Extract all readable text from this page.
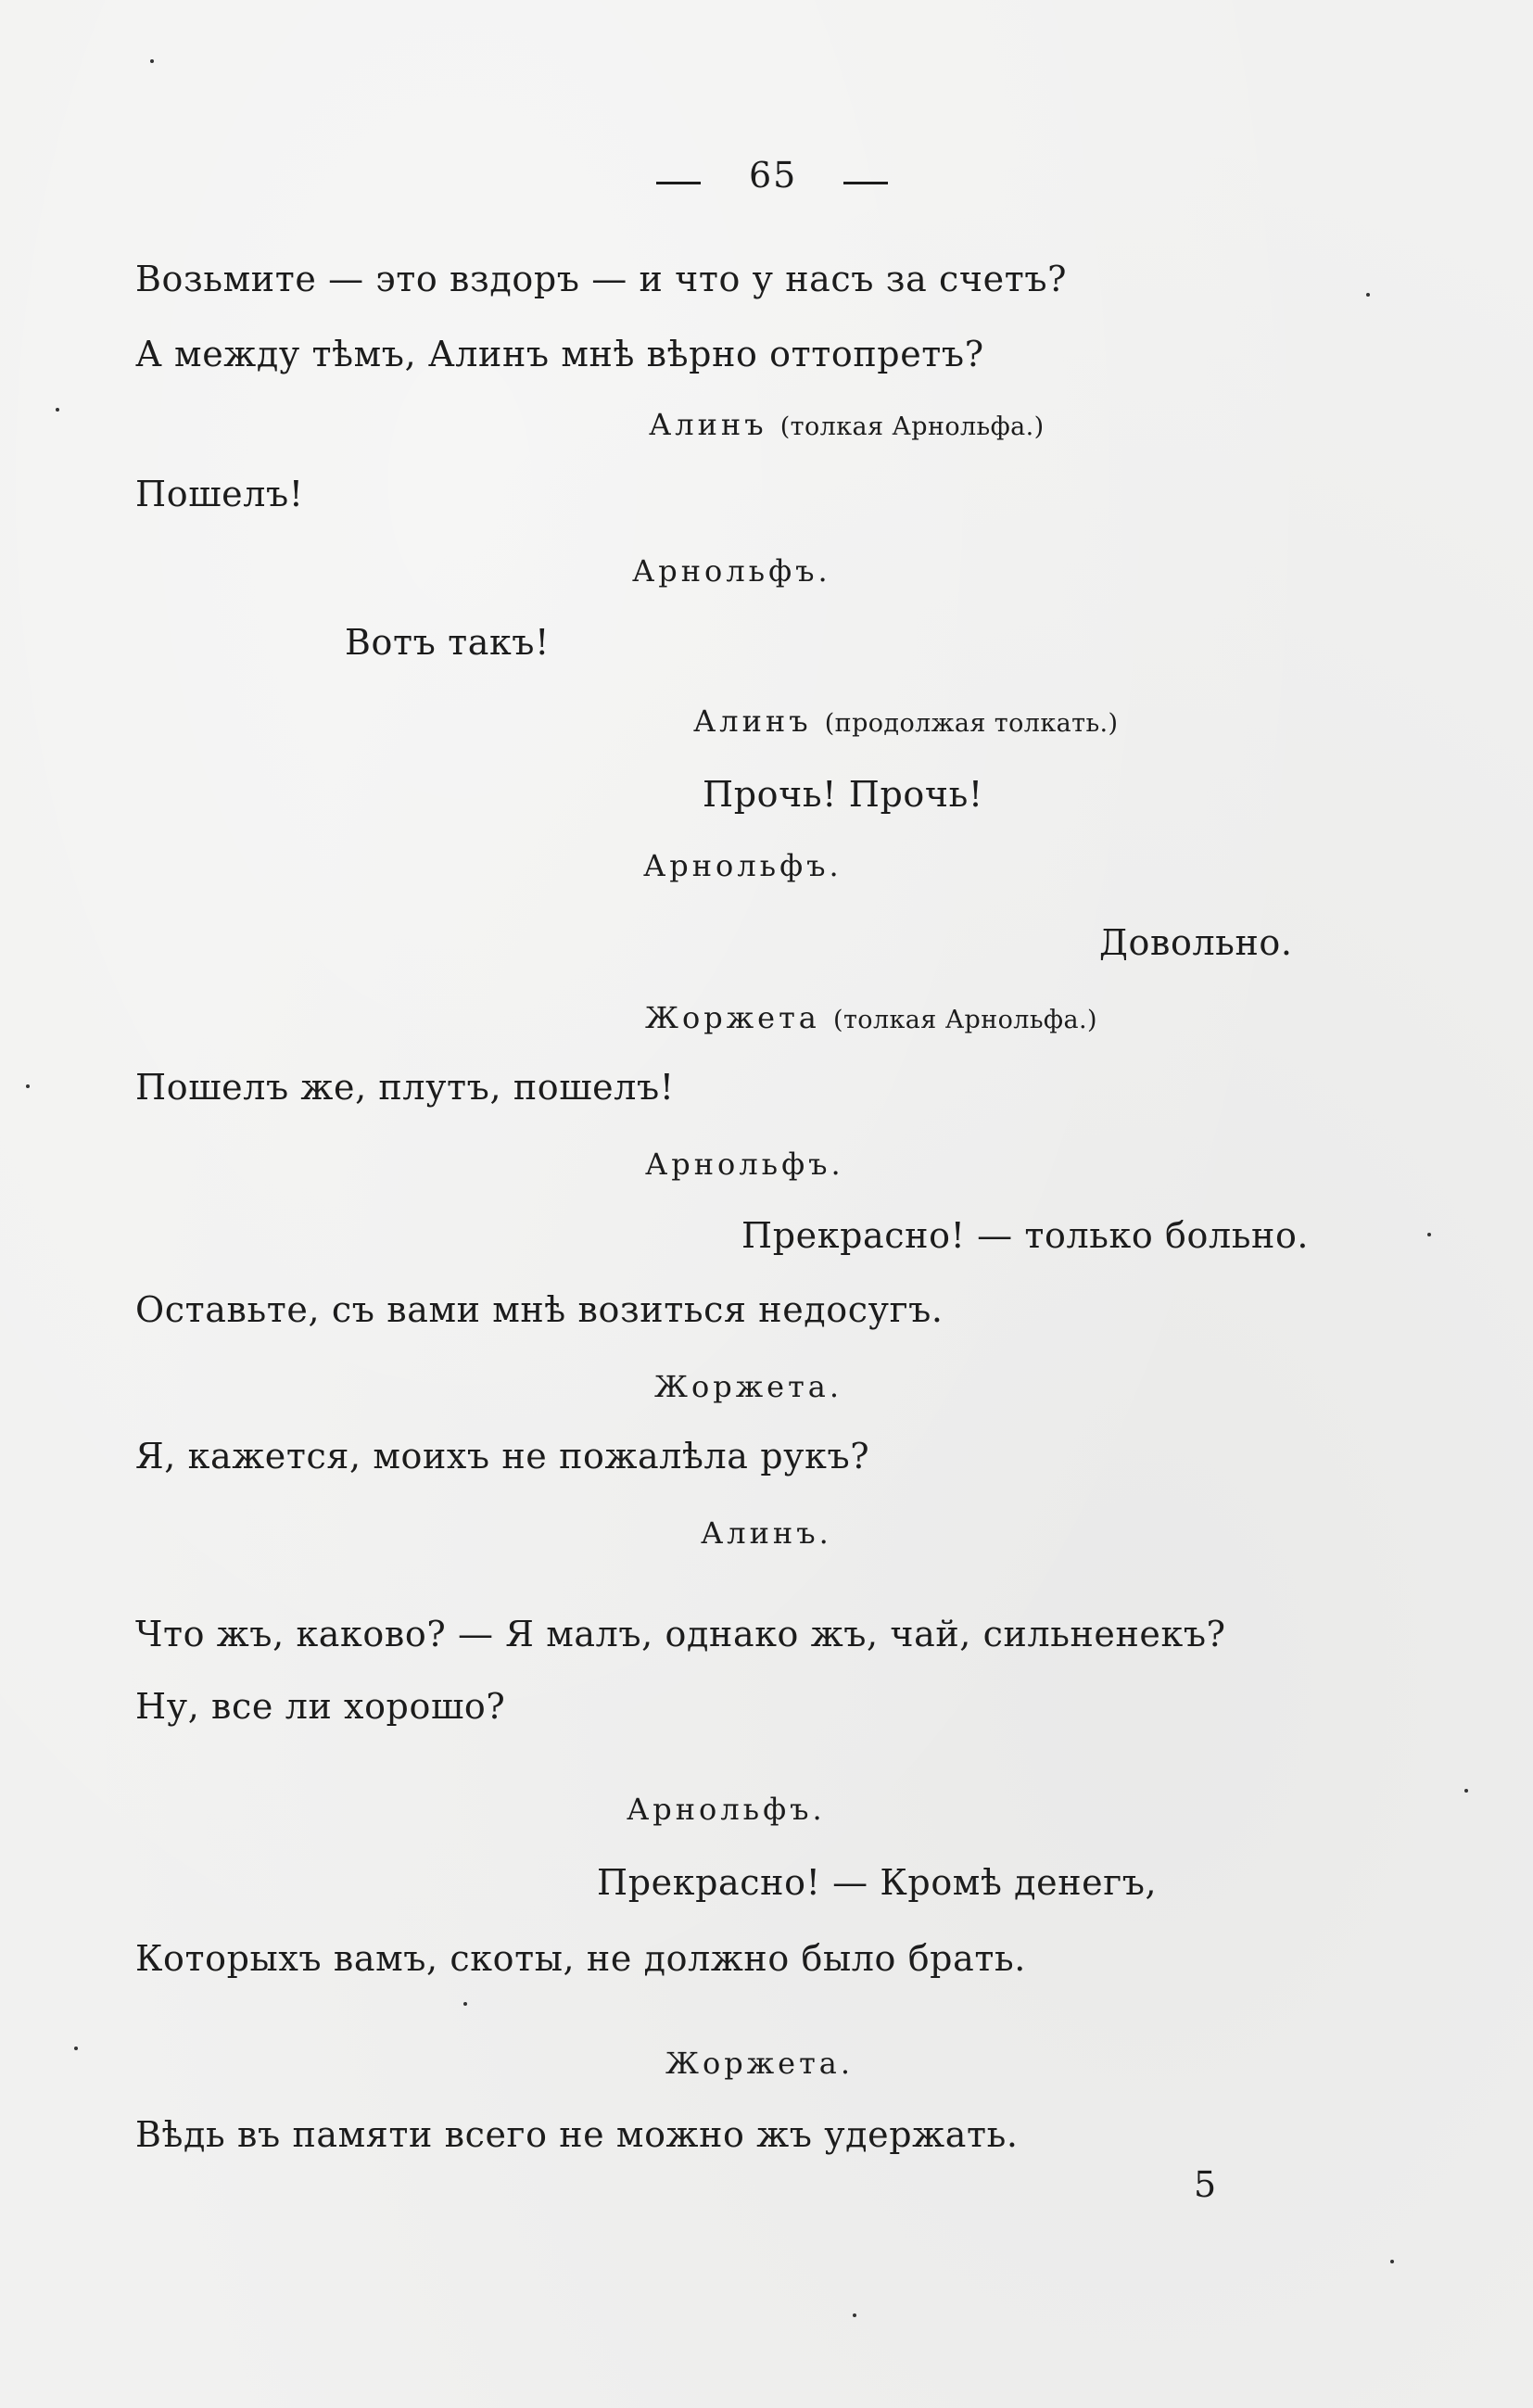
65
Возьмите — это вздоръ — и что у насъ за счетъ?
А между тѣмъ, Алинъ мнѣ вѣрно оттопретъ?
Алинъ (толкая Арнольфа.)
Пошелъ!
Арнольфъ.
Вотъ такъ!
Алинъ (продолжая толкать.)
Прочь! Прочь!
Арнольфъ.
Довольно.
Жоржета (толкая Арнольфа.)
Пошелъ же, плутъ, пошелъ!
Арнольфъ.
Прекрасно! — только больно.
Оставьте, съ вами мнѣ возиться недосугъ.
Жоржета.
Я, кажется, моихъ не пожалѣла рукъ?
Алинъ.
Что жъ, каково? — Я малъ, однако жъ, чай, сильненекъ?
Ну, все ли хорошо?
Арнольфъ.
Прекрасно! — Кромѣ денегъ,
Которыхъ вамъ, скоты, не должно было брать.
Жоржета.
Вѣдь въ памяти всего не можно жъ удержать.
5
